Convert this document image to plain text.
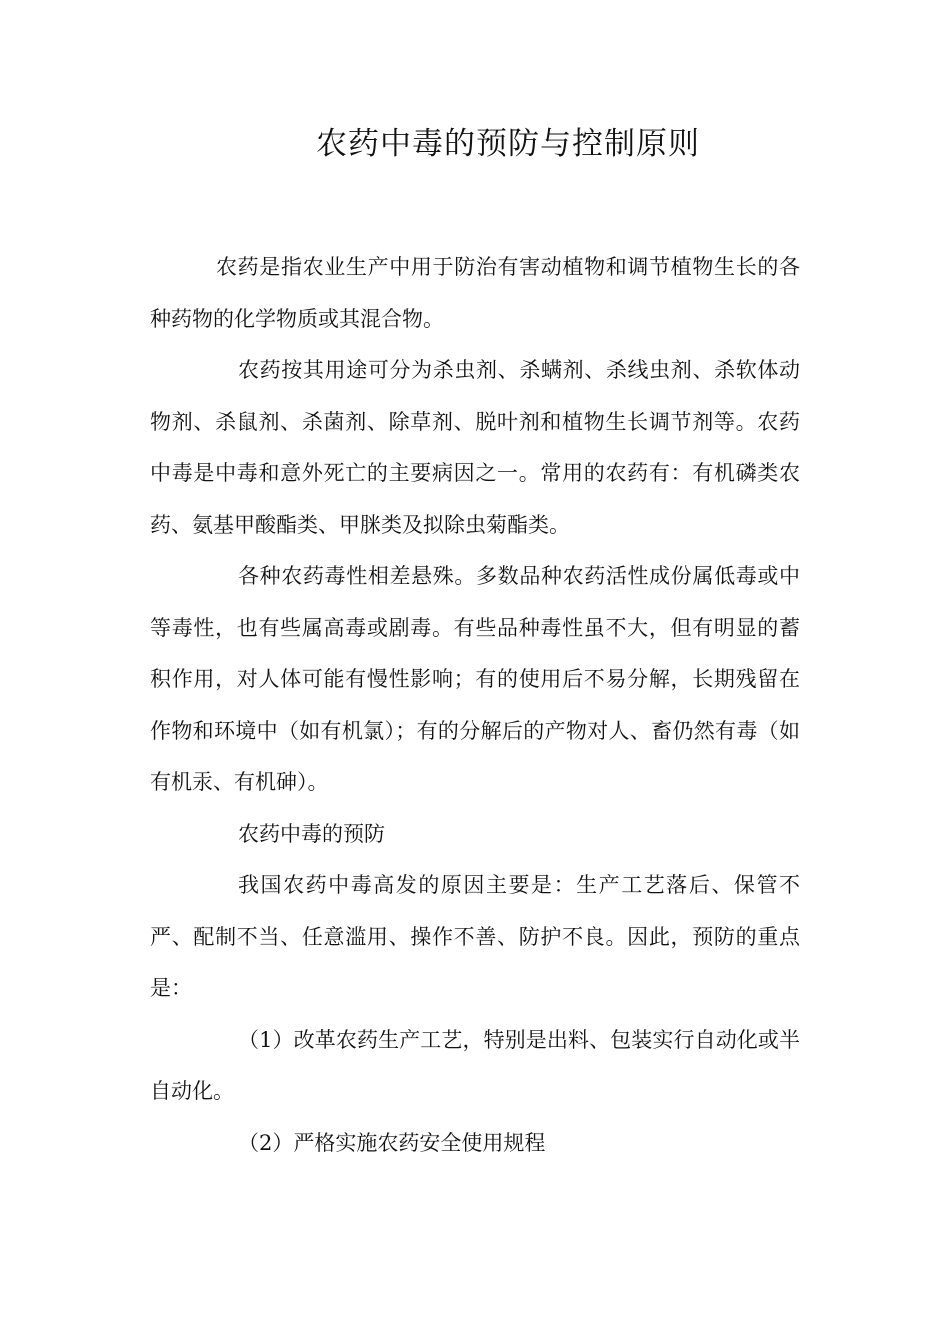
农药中毒的预防与控制原则

农药是指农业生产中用于防治有害动植物和调节植物生长的各种药物的化学物质或其混合物。

农药按其用途可分为杀虫剂、杀螨剂、杀线虫剂、杀软体动物剂、杀鼠剂、杀菌剂、除草剂、脱叶剂和植物生长调节剂等。农药中毒是中毒和意外死亡的主要病因之一。常用的农药有：有机磷类农药、氨基甲酸酯类、甲脒类及拟除虫菊酯类。

各种农药毒性相差悬殊。多数品种农药活性成份属低毒或中等毒性，也有些属高毒或剧毒。有些品种毒性虽不大，但有明显的蓄积作用，对人体可能有慢性影响；有的使用后不易分解，长期残留在作物和环境中（如有机氯）；有的分解后的产物对人、畜仍然有毒（如有机汞、有机砷）。

农药中毒的预防

我国农药中毒高发的原因主要是：生产工艺落后、保管不严、配制不当、任意滥用、操作不善、防护不良。因此，预防的重点是：

（1）改革农药生产工艺，特别是出料、包装实行自动化或半自动化。

（2）严格实施农药安全使用规程
